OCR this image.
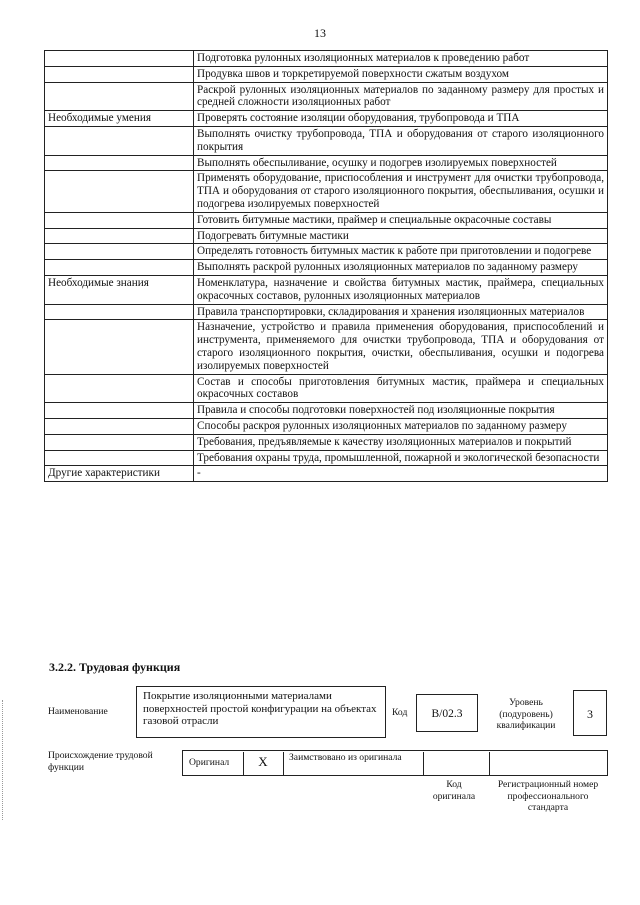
13
	Подготовка рулонных изоляционных материалов к проведению работ
	Продувка швов и торкретируемой поверхности сжатым воздухом
	Раскрой рулонных изоляционных материалов по заданному размеру для простых и средней сложности изоляционных работ
Необходимые умения	Проверять состояние изоляции оборудования, трубопровода и ТПА
	Выполнять очистку трубопровода, ТПА и оборудования от старого изоляционного покрытия
	Выполнять обеспыливание, осушку и подогрев изолируемых поверхностей
	Применять оборудование, приспособления и инструмент для очистки трубопровода, ТПА и оборудования от старого изоляционного покрытия, обеспыливания, осушки и подогрева изолируемых поверхностей
	Готовить битумные мастики, праймер и специальные окрасочные составы
	Подогревать битумные мастики
	Определять готовность битумных мастик к работе при приготовлении и подогреве
	Выполнять раскрой рулонных изоляционных материалов по заданному размеру
Необходимые знания	Номенклатура, назначение и свойства битумных мастик, праймера, специальных окрасочных составов, рулонных изоляционных материалов
	Правила транспортировки, складирования и хранения изоляционных материалов
	Назначение, устройство и правила применения оборудования, приспособлений и инструмента, применяемого для очистки трубопровода, ТПА и оборудования от старого изоляционного покрытия, очистки, обеспыливания, осушки и подогрева изолируемых поверхностей
	Состав и способы приготовления битумных мастик, праймера и специальных окрасочных составов
	Правила и способы подготовки поверхностей под изоляционные покрытия
	Способы раскроя рулонных изоляционных материалов по заданному размеру
	Требования, предъявляемые к качеству изоляционных материалов и покрытий
	Требования охраны труда, промышленной, пожарной и экологической безопасности
Другие характеристики	-
3.2.2. Трудовая функция
Наименование
Покрытие изоляционными материалами поверхностей простой конфигурации на объектах газовой отрасли
Код	B/02.3
Уровень (подуровень) квалификации
3
Происхождение трудовой функции	Оригинал	X	Заимствовано из оригинала
Код оригинала
Регистрационный номер профессионального стандарта
